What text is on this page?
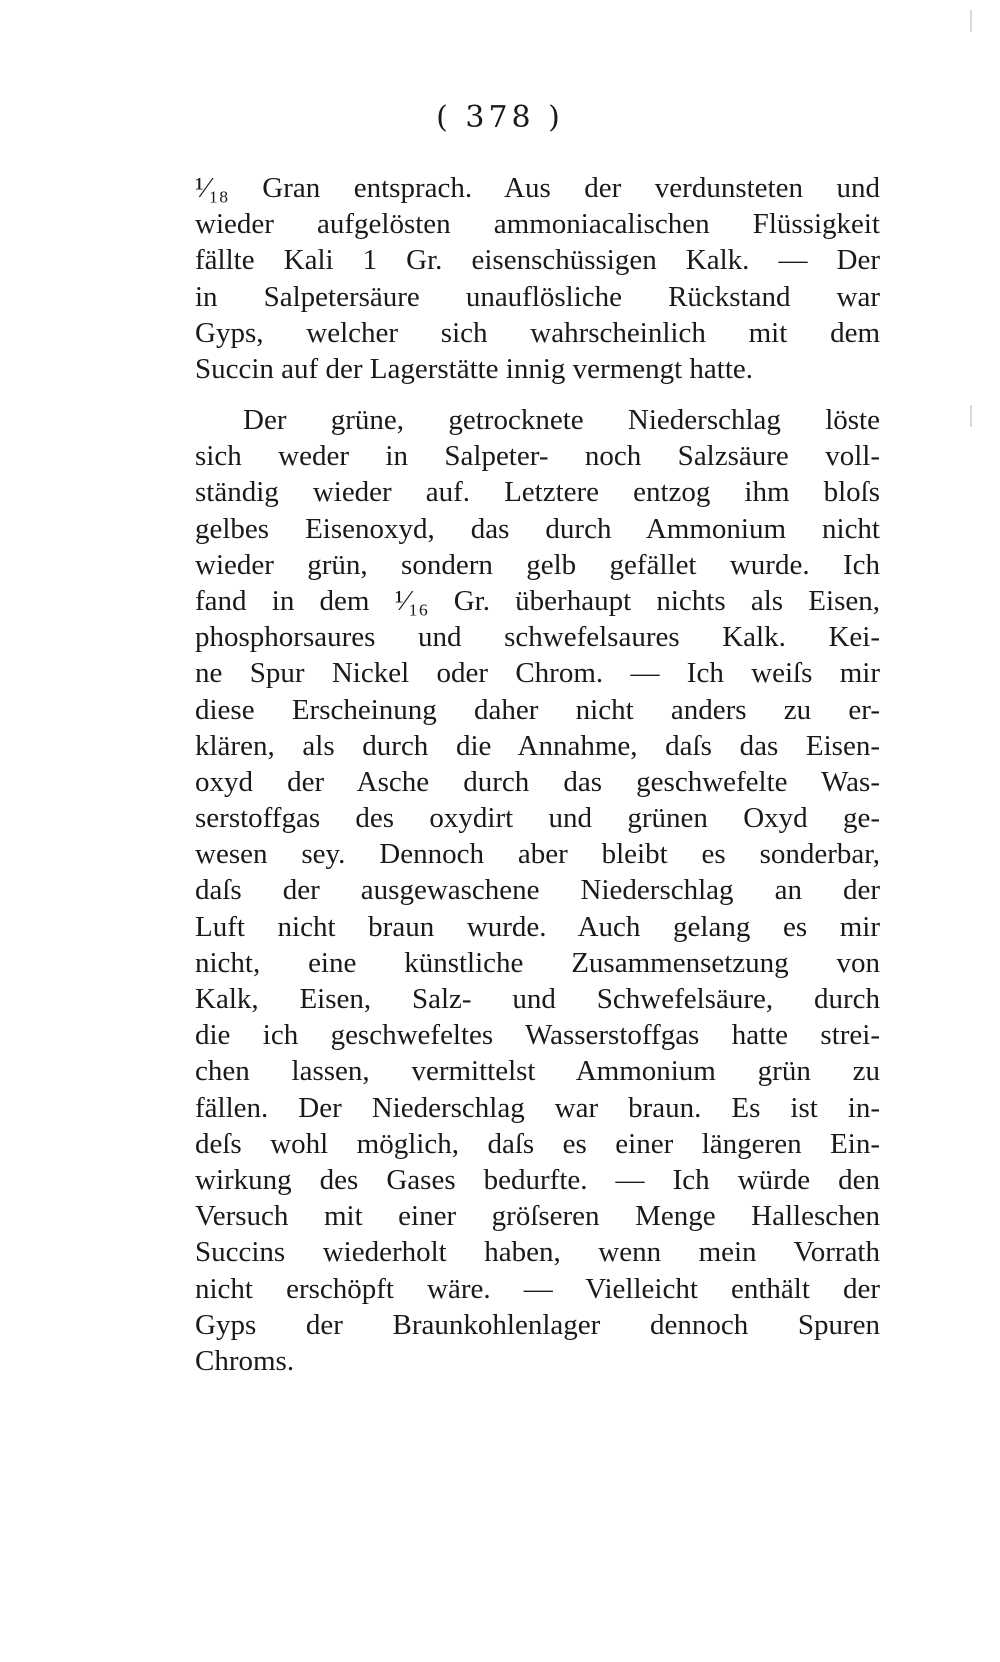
( 378 )
¹⁄₁₈ Gran entsprach. Aus der verdunsteten und
wieder aufgelösten ammoniacalischen Flüssigkeit
fällte Kali 1 Gr. eisenschüssigen Kalk. — Der
in Salpetersäure unauflösliche Rückstand war
Gyps, welcher sich wahrscheinlich mit dem
Succin auf der Lagerstätte innig vermengt hatte.
Der grüne, getrocknete Niederschlag löste
sich weder in Salpeter- noch Salzsäure voll-
ständig wieder auf. Letztere entzog ihm bloſs
gelbes Eisenoxyd, das durch Ammonium nicht
wieder grün, sondern gelb gefället wurde. Ich
fand in dem ¹⁄₁₆ Gr. überhaupt nichts als Eisen,
phosphorsaures und schwefelsaures Kalk. Kei-
ne Spur Nickel oder Chrom. — Ich weiſs mir
diese Erscheinung daher nicht anders zu er-
klären, als durch die Annahme, daſs das Eisen-
oxyd der Asche durch das geschwefelte Was-
serstoffgas des oxydirt und grünen Oxyd ge-
wesen sey. Dennoch aber bleibt es sonderbar,
daſs der ausgewaschene Niederschlag an der
Luft nicht braun wurde. Auch gelang es mir
nicht, eine künstliche Zusammensetzung von
Kalk, Eisen, Salz- und Schwefelsäure, durch
die ich geschwefeltes Wasserstoffgas hatte strei-
chen lassen, vermittelst Ammonium grün zu
fällen. Der Niederschlag war braun. Es ist in-
deſs wohl möglich, daſs es einer längeren Ein-
wirkung des Gases bedurfte. — Ich würde den
Versuch mit einer gröſseren Menge Halleschen
Succins wiederholt haben, wenn mein Vorrath
nicht erschöpft wäre. — Vielleicht enthält der
Gyps der Braunkohlenlager dennoch Spuren
Chroms.
